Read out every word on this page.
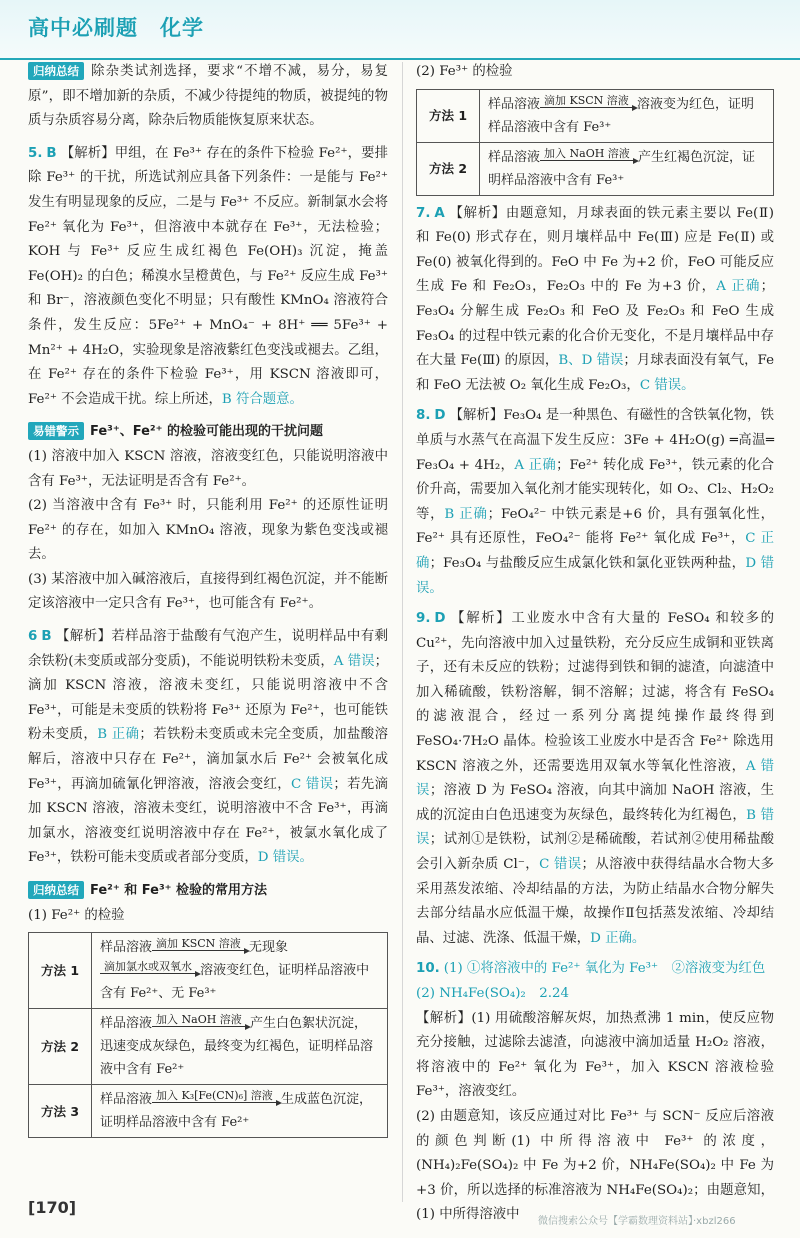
高中必刷题　化学

归纳总结 除杂类试剂选择，要求“不增不减，易分，易复原”，即不增加新的杂质，不减少待提纯的物质，被提纯的物质与杂质容易分离，除杂后物质能恢复原来状态。

5. B 【解析】甲组，在 Fe³⁺ 存在的条件下检验 Fe²⁺，要排除 Fe³⁺ 的干扰，所选试剂应具备下列条件：一是能与 Fe²⁺ 发生有明显现象的反应，二是与 Fe³⁺ 不反应。新制氯水会将 Fe²⁺ 氧化为 Fe³⁺，但溶液中本就存在 Fe³⁺，无法检验；KOH 与 Fe³⁺ 反应生成红褐色 Fe(OH)₃ 沉淀，掩盖 Fe(OH)₂ 的白色；稀溴水呈橙黄色，与 Fe²⁺ 反应生成 Fe³⁺ 和 Br⁻，溶液颜色变化不明显；只有酸性 KMnO₄ 溶液符合条件，发生反应：5Fe²⁺ + MnO₄⁻ + 8H⁺ ══ 5Fe³⁺ + Mn²⁺ + 4H₂O，实验现象是溶液紫红色变浅或褪去。乙组，在 Fe²⁺ 存在的条件下检验 Fe³⁺，用 KSCN 溶液即可，Fe²⁺ 不会造成干扰。综上所述，B 符合题意。

易错警示 Fe³⁺、Fe²⁺ 的检验可能出现的干扰问题

(1) 溶液中加入 KSCN 溶液，溶液变红色，只能说明溶液中含有 Fe³⁺，无法证明是否含有 Fe²⁺。

(2) 当溶液中含有 Fe³⁺ 时，只能利用 Fe²⁺ 的还原性证明 Fe²⁺ 的存在，如加入 KMnO₄ 溶液，现象为紫色变浅或褪去。

(3) 某溶液中加入碱溶液后，直接得到红褐色沉淀，并不能断定该溶液中一定只含有 Fe³⁺，也可能含有 Fe²⁺。

6 B 【解析】若样品溶于盐酸有气泡产生，说明样品中有剩余铁粉(未变质或部分变质)，不能说明铁粉未变质，A 错误；滴加 KSCN 溶液，溶液未变红，只能说明溶液中不含 Fe³⁺，可能是未变质的铁粉将 Fe³⁺ 还原为 Fe²⁺，也可能铁粉未变质，B 正确；若铁粉未变质或未完全变质，加盐酸溶解后，溶液中只存在 Fe²⁺，滴加氯水后 Fe²⁺ 会被氧化成 Fe³⁺，再滴加硫氰化钾溶液，溶液会变红，C 错误；若先滴加 KSCN 溶液，溶液未变红，说明溶液中不含 Fe³⁺，再滴加氯水，溶液变红说明溶液中存在 Fe²⁺，被氯水氧化成了 Fe³⁺，铁粉可能未变质或者部分变质，D 错误。

归纳总结 Fe²⁺ 和 Fe³⁺ 检验的常用方法

(1) Fe²⁺ 的检验

方法 1	样品溶液 滴加 KSCN 溶液 无现象滴加氯水或双氧水 溶液变红色，证明样品溶液中含有 Fe²⁺、无 Fe³⁺
方法 2	样品溶液 加入 NaOH 溶液 产生白色絮状沉淀，迅速变成灰绿色，最终变为红褐色，证明样品溶液中含有 Fe²⁺
方法 3	样品溶液 加入 K₃[Fe(CN)₆] 溶液 生成蓝色沉淀，证明样品溶液中含有 Fe²⁺

(2) Fe³⁺ 的检验

方法 1	样品溶液 滴加 KSCN 溶液 溶液变为红色，证明样品溶液中含有 Fe³⁺
方法 2	样品溶液 加入 NaOH 溶液 产生红褐色沉淀，证明样品溶液中含有 Fe³⁺

7. A 【解析】由题意知，月球表面的铁元素主要以 Fe(Ⅱ) 和 Fe(0) 形式存在，则月壤样品中 Fe(Ⅲ) 应是 Fe(Ⅱ) 或 Fe(0) 被氧化得到的。FeO 中 Fe 为+2 价，FeO 可能反应生成 Fe 和 Fe₂O₃，Fe₂O₃ 中的 Fe 为+3 价，A 正确；Fe₃O₄ 分解生成 Fe₂O₃ 和 FeO 及 Fe₂O₃ 和 FeO 生成 Fe₃O₄ 的过程中铁元素的化合价无变化，不是月壤样品中存在大量 Fe(Ⅲ) 的原因，B、D 错误；月球表面没有氧气，Fe 和 FeO 无法被 O₂ 氧化生成 Fe₂O₃，C 错误。

8. D 【解析】Fe₃O₄ 是一种黑色、有磁性的含铁氧化物，铁单质与水蒸气在高温下发生反应：3Fe + 4H₂O(g) ═高温═ Fe₃O₄ + 4H₂，A 正确；Fe²⁺ 转化成 Fe³⁺，铁元素的化合价升高，需要加入氧化剂才能实现转化，如 O₂、Cl₂、H₂O₂ 等，B 正确；FeO₄²⁻ 中铁元素是+6 价，具有强氧化性，Fe²⁺ 具有还原性，FeO₄²⁻ 能将 Fe²⁺ 氧化成 Fe³⁺，C 正确；Fe₃O₄ 与盐酸反应生成氯化铁和氯化亚铁两种盐，D 错误。

9. D 【解析】工业废水中含有大量的 FeSO₄ 和较多的 Cu²⁺，先向溶液中加入过量铁粉，充分反应生成铜和亚铁离子，还有未反应的铁粉；过滤得到铁和铜的滤渣，向滤渣中加入稀硫酸，铁粉溶解，铜不溶解；过滤，将含有 FeSO₄ 的滤液混合，经过一系列分离提纯操作最终得到 FeSO₄·7H₂O 晶体。检验该工业废水中是否含 Fe²⁺ 除选用 KSCN 溶液之外，还需要选用双氧水等氧化性溶液，A 错误；溶液 D 为 FeSO₄ 溶液，向其中滴加 NaOH 溶液，生成的沉淀由白色迅速变为灰绿色，最终转化为红褐色，B 错误；试剂①是铁粉，试剂②是稀硫酸，若试剂②使用稀盐酸会引入新杂质 Cl⁻，C 错误；从溶液中获得结晶水合物大多采用蒸发浓缩、冷却结晶的方法，为防止结晶水合物分解失去部分结晶水应低温干燥，故操作Ⅱ包括蒸发浓缩、冷却结晶、过滤、洗涤、低温干燥，D 正确。

10. (1) ①将溶液中的 Fe²⁺ 氧化为 Fe³⁺　②溶液变为红色

(2) NH₄Fe(SO₄)₂　2.24

【解析】(1) 用硫酸溶解灰烬，加热煮沸 1 min，使反应物充分接触，过滤除去滤渣，向滤液中滴加适量 H₂O₂ 溶液，将溶液中的 Fe²⁺ 氧化为 Fe³⁺，加入 KSCN 溶液检验 Fe³⁺，溶液变红。

(2) 由题意知，该反应通过对比 Fe³⁺ 与 SCN⁻ 反应后溶液的颜色判断(1) 中所得溶液中 Fe³⁺ 的浓度，(NH₄)₂Fe(SO₄)₂ 中 Fe 为+2 价，NH₄Fe(SO₄)₂ 中 Fe 为+3 价，所以选择的标准溶液为 NH₄Fe(SO₄)₂；由题意知，(1) 中所得溶液中

[170]
微信搜索公众号【学霸数理资料站】·xbzl266
